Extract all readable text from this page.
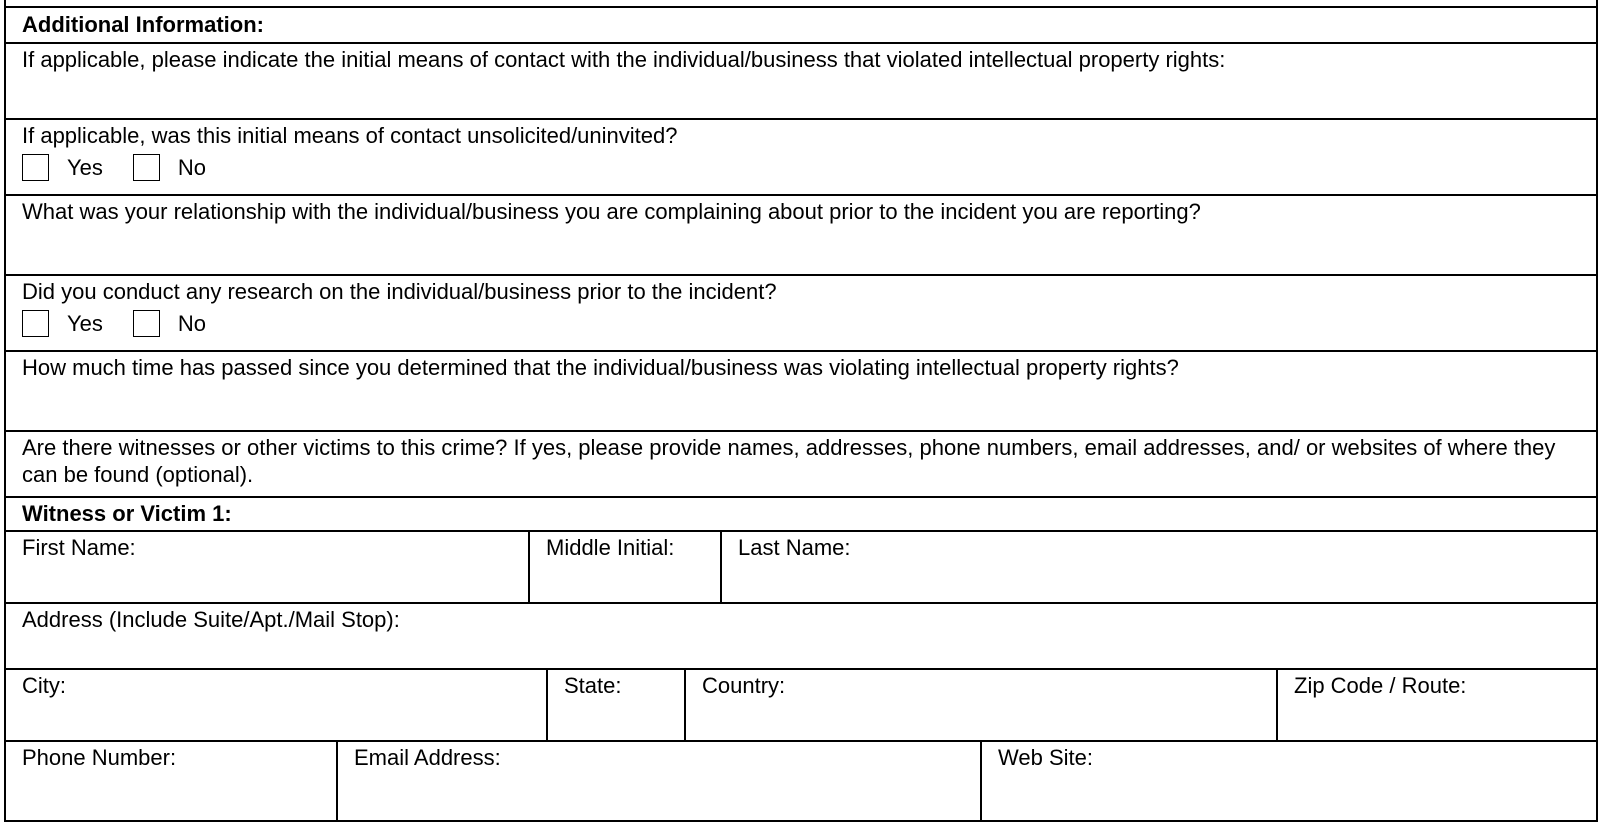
Additional Information:
If applicable, please indicate the initial means of contact with the individual/business that violated intellectual property rights:
If applicable, was this initial means of contact unsolicited/uninvited?
Yes	No
What was your relationship with the individual/business you are complaining about prior to the incident you are reporting?
Did you conduct any research on the individual/business prior to the incident?
Yes	No
How much time has passed since you determined that the individual/business was violating intellectual property rights?
Are there witnesses or other victims to this crime? If yes, please provide names, addresses, phone numbers, email addresses, and/ or websites of where they can be found (optional).
Witness or Victim 1:
First Name:	Middle Initial:	Last Name:
Address (Include Suite/Apt./Mail Stop):
City:	State:	Country:	Zip Code / Route:
Phone Number:	Email Address:	Web Site:
